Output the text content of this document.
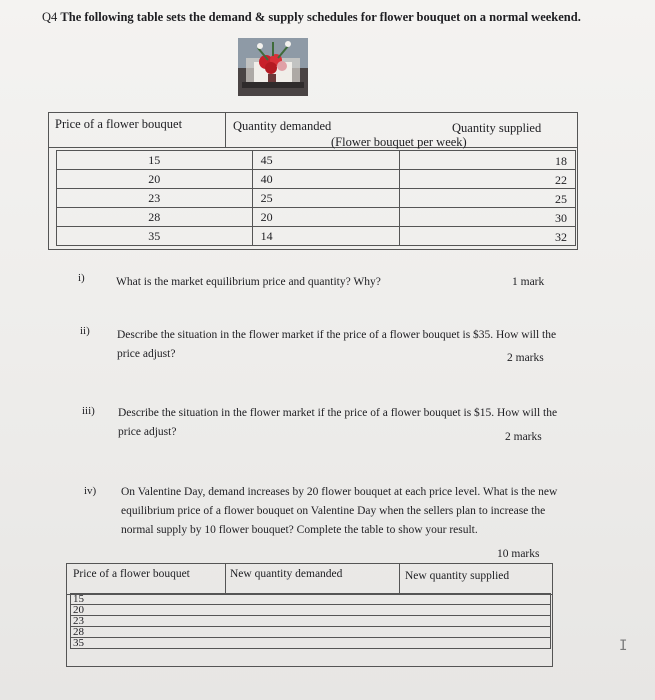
Q4 The following table sets the demand & supply schedules for flower bouquet on a normal weekend.
Price of a flower bouquet	Quantity demanded	Quantity supplied
(Flower bouquet per week)
15	45	18
20	40	22
23	25	25
28	20	30
35	14	32
i)	What is the market equilibrium price and quantity? Why?	1 mark
ii) Describe the situation in the flower market if the price of a flower bouquet is $35. How will the price adjust?	2 marks
iii) Describe the situation in the flower market if the price of a flower bouquet is $15. How will the price adjust?	2 marks
iv) On Valentine Day, demand increases by 20 flower bouquet at each price level. What is the new equilibrium price of a flower bouquet on Valentine Day when the sellers plan to increase the normal supply by 10 flower bouquet? Complete the table to show your result.
10 marks
Price of a flower bouquet	New quantity demanded	New quantity supplied
15
20
23
28
35	I
